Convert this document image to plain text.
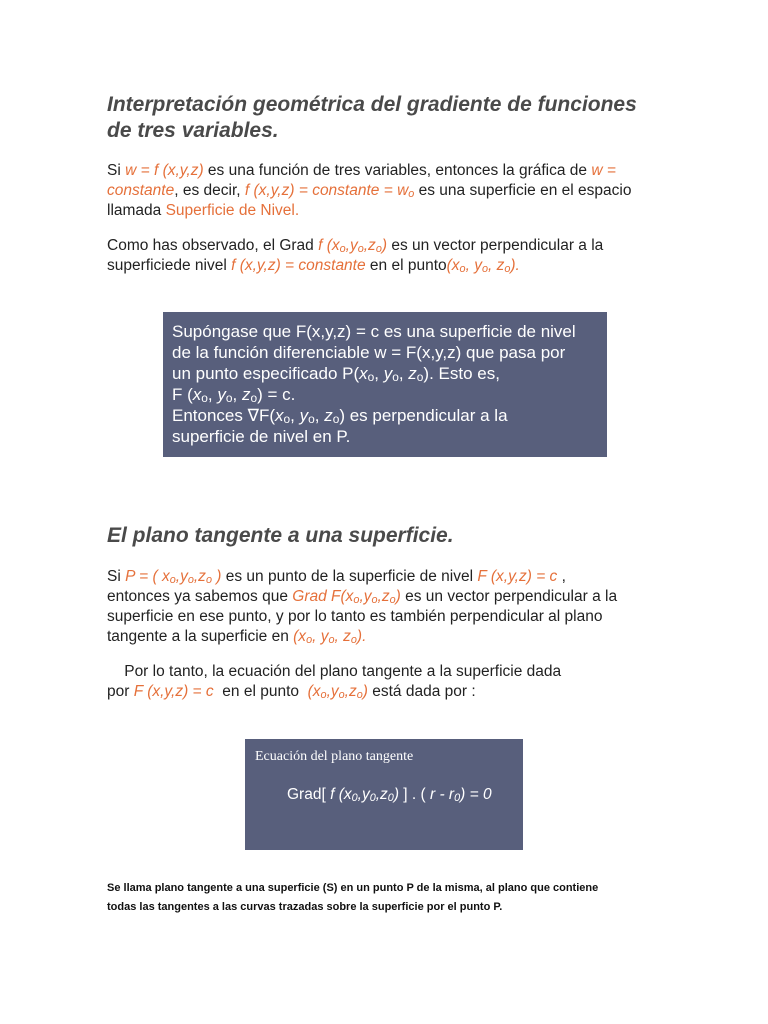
Interpretación geométrica del gradiente de funciones
de tres variables.

Si w = f (x,y,z) es una función de tres variables, entonces la gráfica de w =
constante, es decir, f (x,y,z) = constante = $w_o$ es una superficie en el espacio
llamada Superficie de Nivel.

Como has observado, el Grad f $(x_o,y_o,z_o)$ es un vector perpendicular a la
superficiede nivel f (x,y,z) = constante en el $punto(x_o$, $y_o$, $z_o$).

Supóngase que F(x,y,z) = c es una superficie de nivel
de la función diferenciable w = F(x,y,z) que pasa por
un punto especificado $P(x_o$, $y_o$, $z_o$). Esto es,
F ($x_o$, $y_o$, $z_o) = c$.
Entonces $\nabla F(x_o$, $y_o$, $z_o$) es perpendicular a la
superficie de nivel en P.
El plano tangente a una superficie.

Si P = ( $x_o,y_o,z_o$ ) es un punto de la superficie de nivel F (x,y,z) = c ,
entonces ya sabemos que Grad $F(x_o,y_o,z_o)$ es un vector perpendicular a la
superficie en ese punto, y por lo tanto es también perpendicular al plano
tangente a la superficie en ($x_o$, $y_o$, $z_o$).

Por lo tanto, la ecuación del plano tangente a la superficie dada
por F (x,y,z) = c  en el punto  $(x_o,y_o,z_o)$ está dada por :

Ecuación del plano tangente
Grad[ f $(x_0,y_0,z_0)$ ] . ( $r - r_0) = 0$

Se llama plano tangente a una superficie (S) en un punto P de la misma, al plano que contiene
todas las tangentes a las curvas trazadas sobre la superficie por el punto P.
